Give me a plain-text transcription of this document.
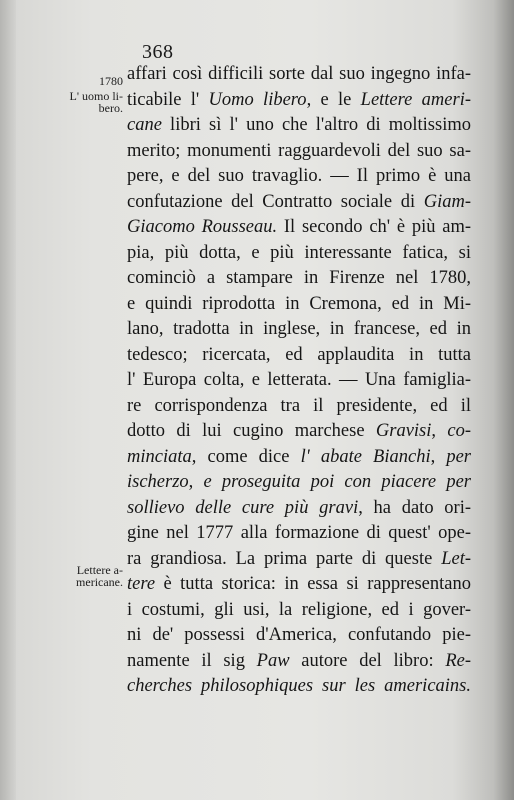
368
1780
L' uomo li-
bero.
Lettere a-
mericane.
affari così difficili sorte dal suo ingegno infa-
ticabile l' Uomo libero, e le Lettere ameri-
cane libri sì l' uno che l'altro di moltissimo
merito; monumenti ragguardevoli del suo sa-
pere, e del suo travaglio. — Il primo è una
confutazione del Contratto sociale di Giam-
Giacomo Rousseau. Il secondo ch' è più am-
pia, più dotta, e più interessante fatica, si
cominciò a stampare in Firenze nel 1780,
e quindi riprodotta in Cremona, ed in Mi-
lano, tradotta in inglese, in francese, ed in
tedesco; ricercata, ed applaudita in tutta
l' Europa colta, e letterata. — Una famiglia-
re corrispondenza tra il presidente, ed il
dotto di lui cugino marchese Gravisi, co-
minciata, come dice l' abate Bianchi, per
ischerzo, e proseguita poi con piacere per
sollievo delle cure più gravi, ha dato ori-
gine nel 1777 alla formazione di quest' ope-
ra grandiosa. La prima parte di queste Let-
tere è tutta storica: in essa si rappresentano
i costumi, gli usi, la religione, ed i gover-
ni de' possessi d'America, confutando pie-
namente il sig Paw autore del libro: Re-
cherches philosophiques sur les americains.
